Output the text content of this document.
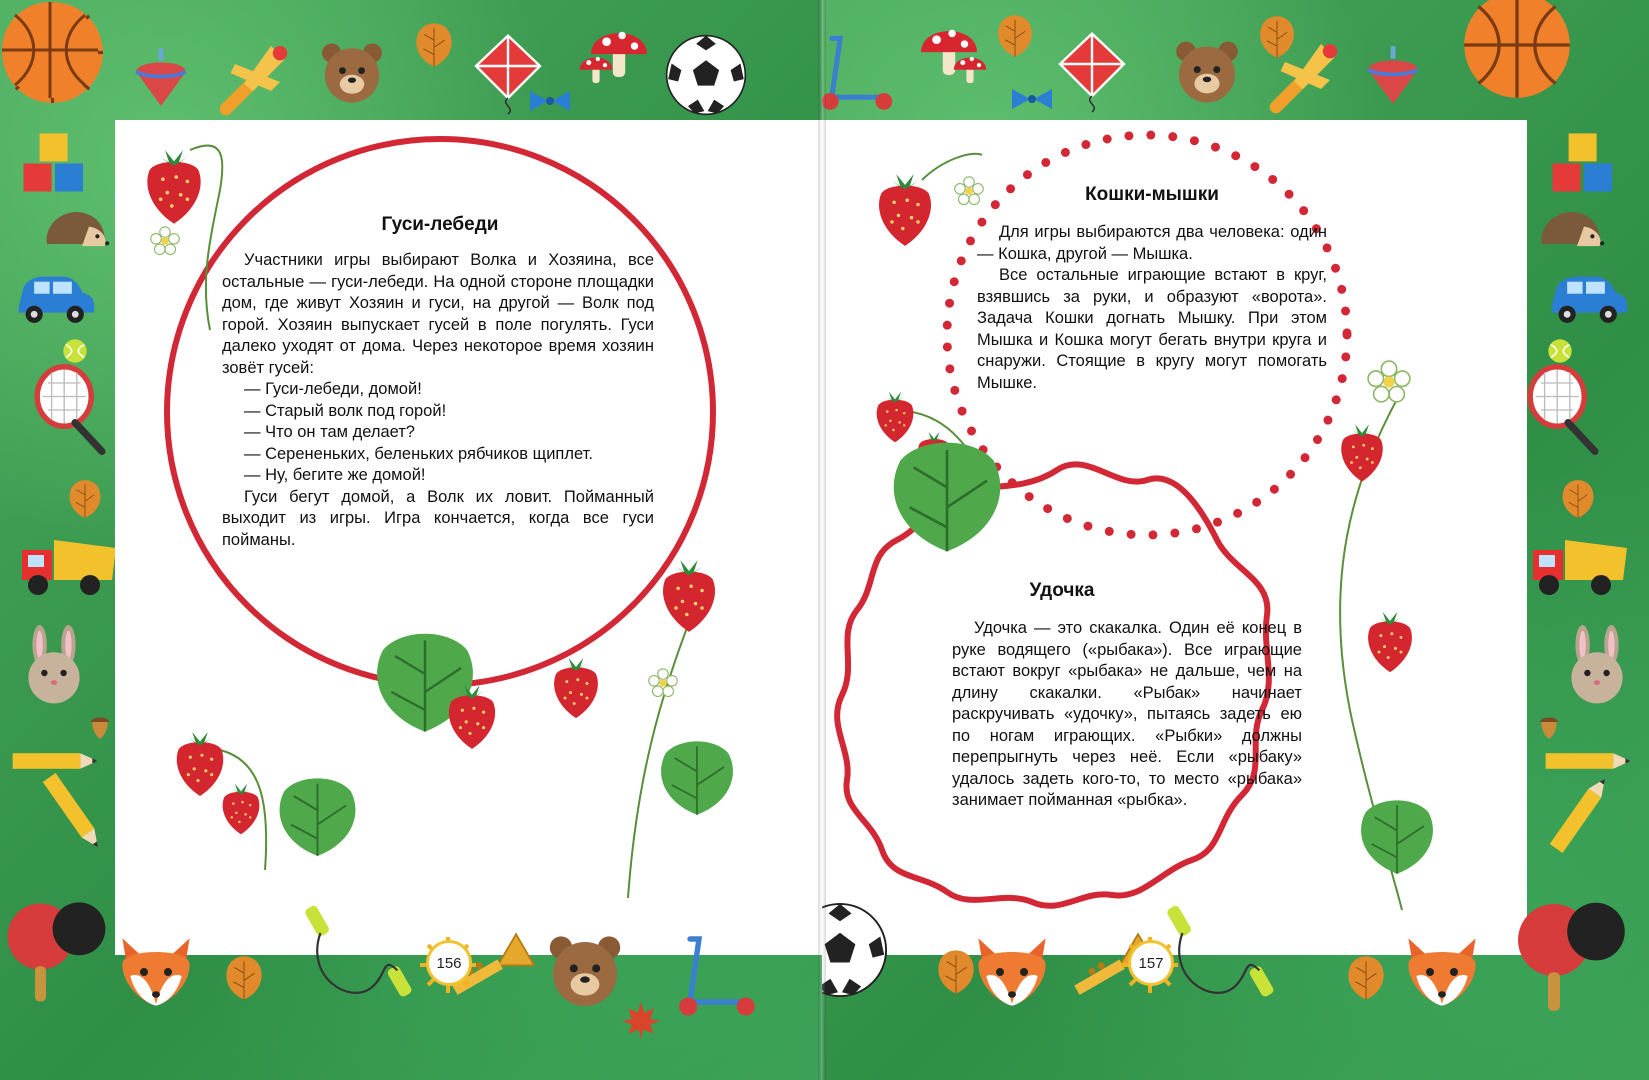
156
Гуси-лебеди

Участники игры выбирают Волка и Хозяина, все остальные — гуси-лебеди. На одной стороне площадки дом, где живут Хозяин и гуси, на другой — Волк под горой. Хозяин выпускает гусей в поле погулять. Гуси далеко уходят от дома. Через некоторое время хозяин зовёт гусей:

— Гуси-лебеди, домой!

— Старый волк под горой!

— Что он там делает?

— Серененьких, беленьких рябчиков щиплет.

— Ну, бегите же домой!

Гуси бегут домой, а Волк их ловит. Пойманный выходит из игры. Игра кончается, когда все гуси пойманы.

157
Кошки-мышки

Для игры выбираются два человека: один — Кошка, другой — Мышка.

Все остальные играющие встают в круг, взявшись за руки, и образуют «ворота». Задача Кошки догнать Мышку. При этом Мышка и Кошка могут бегать внутри круга и снаружи. Стоящие в кругу могут помогать Мышке.

Удочка

Удочка — это скакалка. Один её конец в руке водящего («рыбака»). Все играющие встают вокруг «рыбака» не дальше, чем на длину скакалки. «Рыбак» начинает раскручивать «удочку», пытаясь задеть ею по ногам играющих. «Рыбки» должны перепрыгнуть через неё. Если «рыбаку» удалось задеть кого-то, то место «рыбака» занимает пойманная «рыбка».
